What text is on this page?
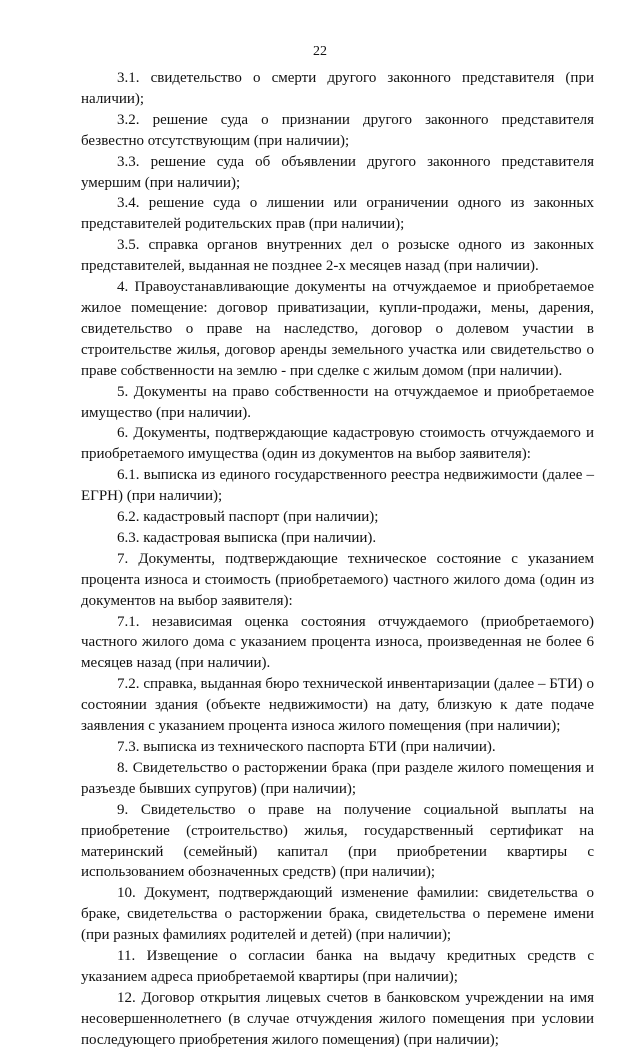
22

3.1. свидетельство о смерти другого законного представителя (при наличии);

3.2. решение суда о признании другого законного представителя безвестно отсутствующим (при наличии);

3.3. решение суда об объявлении другого законного представителя умершим (при наличии);

3.4. решение суда о лишении или ограничении одного из законных представителей родительских прав (при наличии);

3.5. справка органов внутренних дел о розыске одного из законных представителей, выданная не позднее 2-х месяцев назад (при наличии).

4. Правоустанавливающие документы на отчуждаемое и приобретаемое жилое помещение: договор приватизации, купли-продажи, мены, дарения, свидетельство о праве на наследство, договор о долевом участии в строительстве жилья, договор аренды земельного участка или свидетельство о праве собственности на землю - при сделке с жилым домом (при наличии).

5. Документы на право собственности на отчуждаемое и приобретаемое имущество (при наличии).

6. Документы, подтверждающие кадастровую стоимость отчуждаемого и приобретаемого имущества (один из документов на выбор заявителя):

6.1. выписка из единого государственного реестра недвижимости (далее – ЕГРН) (при наличии);

6.2. кадастровый паспорт (при наличии);

6.3. кадастровая выписка (при наличии).

7. Документы, подтверждающие техническое состояние с указанием процента износа и стоимость (приобретаемого) частного жилого дома (один из документов на выбор заявителя):

7.1. независимая оценка состояния отчуждаемого (приобретаемого) частного жилого дома с указанием процента износа, произведенная не более 6 месяцев назад (при наличии).

7.2. справка, выданная бюро технической инвентаризации (далее – БТИ) о состоянии здания (объекте недвижимости) на дату, близкую к дате подаче заявления с указанием процента износа жилого помещения (при наличии);

7.3. выписка из технического паспорта БТИ (при наличии).

8. Свидетельство о расторжении брака (при разделе жилого помещения и разъезде бывших супругов) (при наличии);

9. Свидетельство о праве на получение социальной выплаты на приобретение (строительство) жилья, государственный сертификат на материнский (семейный) капитал (при приобретении квартиры с использованием обозначенных средств) (при наличии);

10. Документ, подтверждающий изменение фамилии: свидетельства о браке, свидетельства о расторжении брака, свидетельства о перемене имени (при разных фамилиях родителей и детей) (при наличии);

11. Извещение о согласии банка на выдачу кредитных средств с указанием адреса приобретаемой квартиры (при наличии);

12. Договор открытия лицевых счетов в банковском учреждении на имя несовершеннолетнего (в случае отчуждения жилого помещения при условии последующего приобретения жилого помещения) (при наличии);
